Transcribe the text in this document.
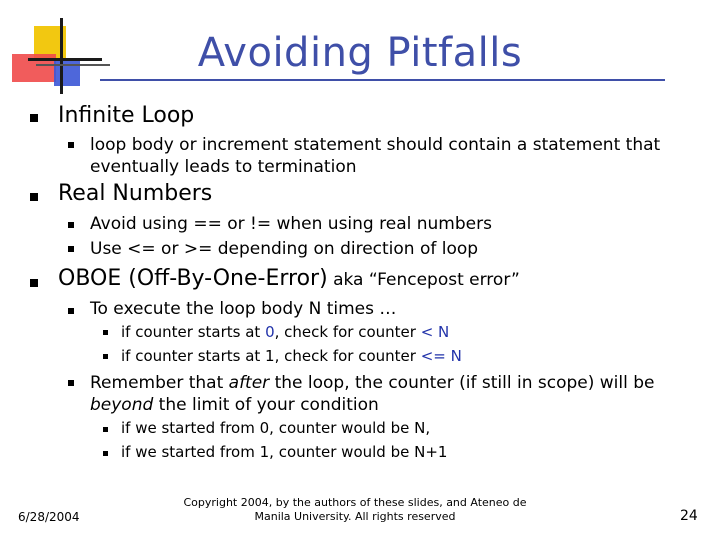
Avoiding Pitfalls
Infinite Loop
loop body or increment statement should contain a statement that
eventually leads to termination
Real Numbers
Avoid using == or != when using real numbers
Use <= or >= depending on direction of loop
OBOE (Off-By-One-Error) aka “Fencepost error”
To execute the loop body N times …
if counter starts at 0, check for counter < N
if counter starts at 1, check for counter <= N
Remember that after the loop, the counter (if still in scope) will be
beyond the limit of your condition
if we started from 0, counter would be N,
if we started from 1, counter would be N+1
6/28/2004
Copyright 2004, by the authors of these slides, and Ateneo de
Manila University. All rights reserved	24
